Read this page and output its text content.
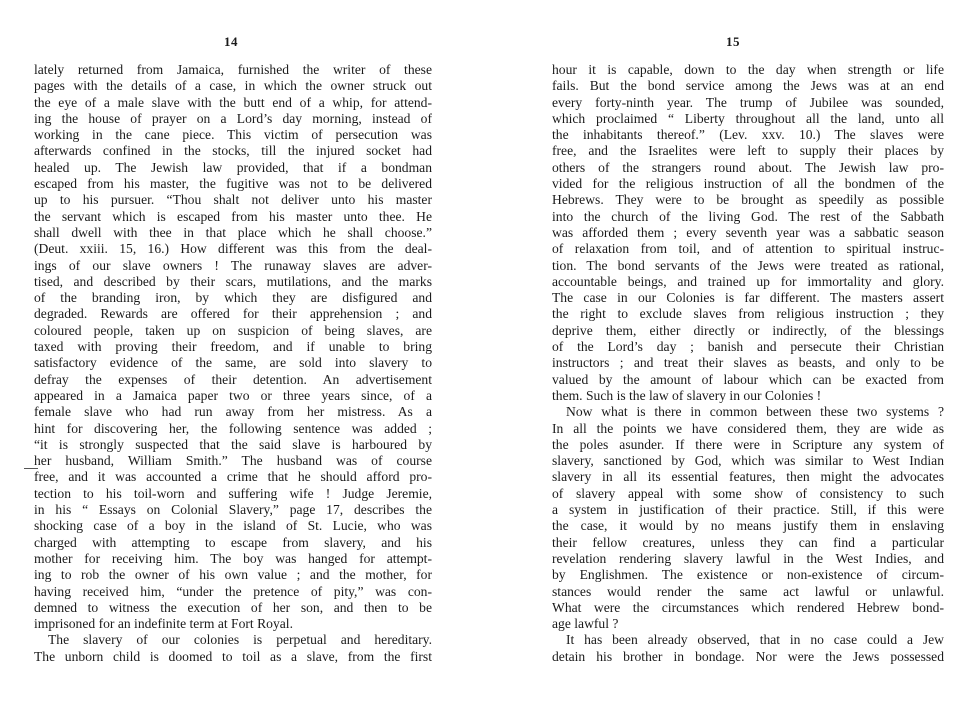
14
lately returned from Jamaica, furnished the writer of these
pages with the details of a case, in which the owner struck out
the eye of a male slave with the butt end of a whip, for attend-
ing the house of prayer on a Lord’s day morning, instead of
working in the cane piece. This victim of persecution was
afterwards confined in the stocks, till the injured socket had
healed up. The Jewish law provided, that if a bondman
escaped from his master, the fugitive was not to be delivered
up to his pursuer. “Thou shalt not deliver unto his master
the servant which is escaped from his master unto thee. He
shall dwell with thee in that place which he shall choose.”
(Deut. xxiii. 15, 16.) How different was this from the deal-
ings of our slave owners ! The runaway slaves are adver-
tised, and described by their scars, mutilations, and the marks
of the branding iron, by which they are disfigured and
degraded. Rewards are offered for their apprehension ; and
coloured people, taken up on suspicion of being slaves, are
taxed with proving their freedom, and if unable to bring
satisfactory evidence of the same, are sold into slavery to
defray the expenses of their detention. An advertisement
appeared in a Jamaica paper two or three years since, of a
female slave who had run away from her mistress. As a
hint for discovering her, the following sentence was added ;
“it is strongly suspected that the said slave is harboured by
her husband, William Smith.” The husband was of course
free, and it was accounted a crime that he should afford pro-
tection to his toil-worn and suffering wife ! Judge Jeremie,
in his “ Essays on Colonial Slavery,” page 17, describes the
shocking case of a boy in the island of St. Lucie, who was
charged with attempting to escape from slavery, and his
mother for receiving him. The boy was hanged for attempt-
ing to rob the owner of his own value ; and the mother, for
having received him, “under the pretence of pity,” was con-
demned to witness the execution of her son, and then to be
imprisoned for an indefinite term at Fort Royal.
The slavery of our colonies is perpetual and hereditary.
The unborn child is doomed to toil as a slave, from the first
15
hour it is capable, down to the day when strength or life
fails. But the bond service among the Jews was at an end
every forty-ninth year. The trump of Jubilee was sounded,
which proclaimed “ Liberty throughout all the land, unto all
the inhabitants thereof.” (Lev. xxv. 10.) The slaves were
free, and the Israelites were left to supply their places by
others of the strangers round about. The Jewish law pro-
vided for the religious instruction of all the bondmen of the
Hebrews. They were to be brought as speedily as possible
into the church of the living God. The rest of the Sabbath
was afforded them ; every seventh year was a sabbatic season
of relaxation from toil, and of attention to spiritual instruc-
tion. The bond servants of the Jews were treated as rational,
accountable beings, and trained up for immortality and glory.
The case in our Colonies is far different. The masters assert
the right to exclude slaves from religious instruction ; they
deprive them, either directly or indirectly, of the blessings
of the Lord’s day ; banish and persecute their Christian
instructors ; and treat their slaves as beasts, and only to be
valued by the amount of labour which can be exacted from
them. Such is the law of slavery in our Colonies !
Now what is there in common between these two systems ?
In all the points we have considered them, they are wide as
the poles asunder. If there were in Scripture any system of
slavery, sanctioned by God, which was similar to West Indian
slavery in all its essential features, then might the advocates
of slavery appeal with some show of consistency to such
a system in justification of their practice. Still, if this were
the case, it would by no means justify them in enslaving
their fellow creatures, unless they can find a particular
revelation rendering slavery lawful in the West Indies, and
by Englishmen. The existence or non-existence of circum-
stances would render the same act lawful or unlawful.
What were the circumstances which rendered Hebrew bond-
age lawful ?
It has been already observed, that in no case could a Jew
detain his brother in bondage. Nor were the Jews possessed
